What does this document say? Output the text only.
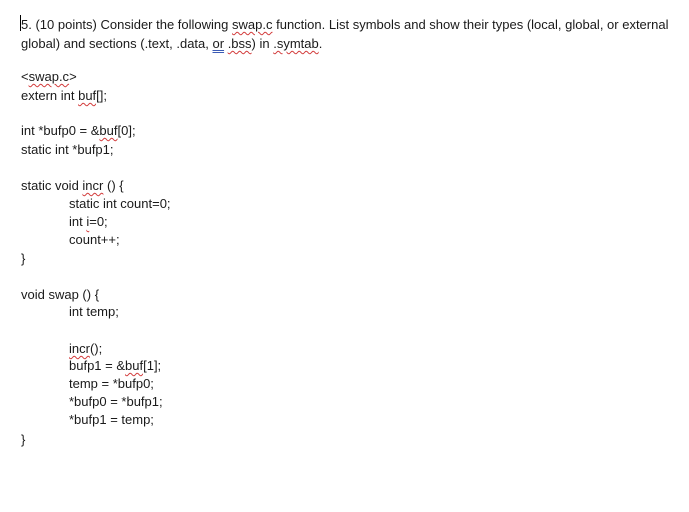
5. (10 points) Consider the following swap.c function. List symbols and show their types (local, global, or external global) and sections (.text, .data, or .bss) in .symtab.

<swap.c>
extern int buf[];
int *bufp0 = &buf[0];
static int *bufp1;
static void incr () {
static int count=0;
int i=0;
count++;
}
void swap () {
int temp;
incr();
bufp1 = &buf[1];
temp = *bufp0;
*bufp0 = *bufp1;
*bufp1 = temp;
}
